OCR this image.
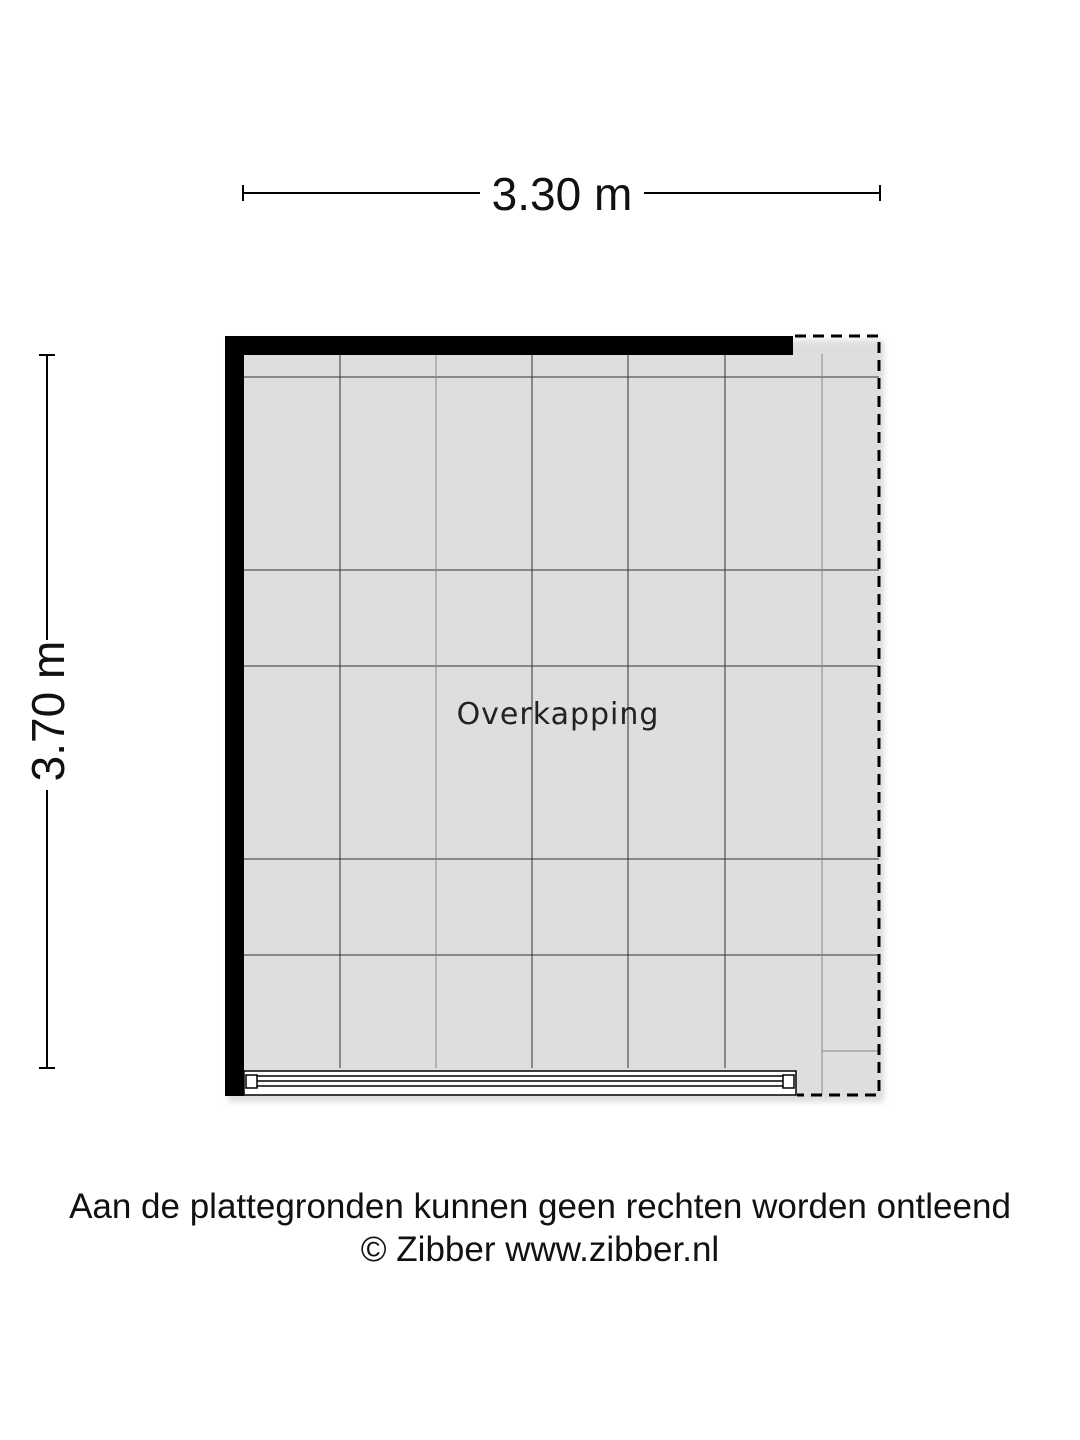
3.30 m
3.70 m	Overkapping
Aan de plattegronden kunnen geen rechten worden ontleend
© Zibber www.zibber.nl
